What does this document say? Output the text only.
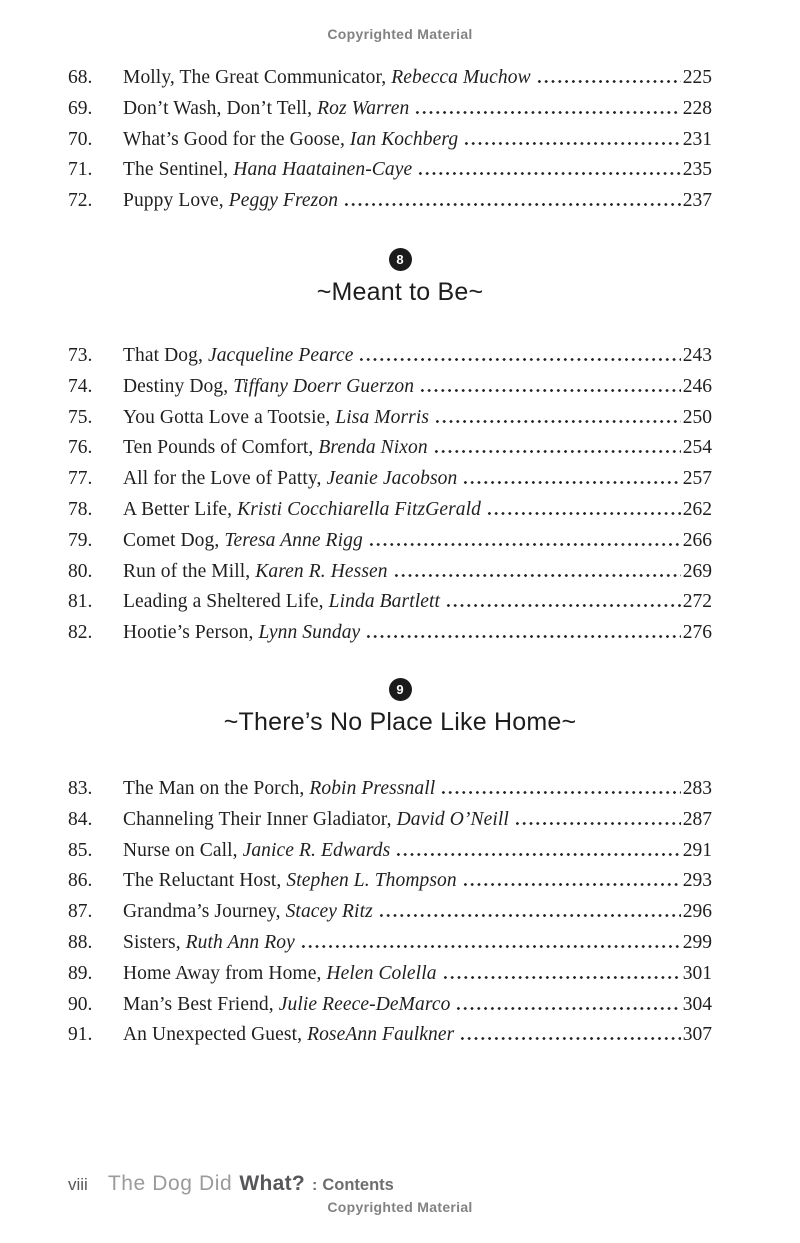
Copyrighted Material
68.	Molly, The Great Communicator, Rebecca Muchow	225
69.	Don’t Wash, Don’t Tell, Roz Warren	228
70.	What’s Good for the Goose, Ian Kochberg	231
71.	The Sentinel, Hana Haatainen-Caye	235
72.	Puppy Love, Peggy Frezon	237
8
~Meant to Be~
73.	That Dog, Jacqueline Pearce	243
74.	Destiny Dog, Tiffany Doerr Guerzon	246
75.	You Gotta Love a Tootsie, Lisa Morris	250
76.	Ten Pounds of Comfort, Brenda Nixon	254
77.	All for the Love of Patty, Jeanie Jacobson	257
78.	A Better Life, Kristi Cocchiarella FitzGerald	262
79.	Comet Dog, Teresa Anne Rigg	266
80.	Run of the Mill, Karen R. Hessen	269
81.	Leading a Sheltered Life, Linda Bartlett	272
82.	Hootie’s Person, Lynn Sunday	276
9
~There’s No Place Like Home~
83.	The Man on the Porch, Robin Pressnall	283
84.	Channeling Their Inner Gladiator, David O’Neill	287
85.	Nurse on Call, Janice R. Edwards	291
86.	The Reluctant Host, Stephen L. Thompson	293
87.	Grandma’s Journey, Stacey Ritz	296
88.	Sisters, Ruth Ann Roy	299
89.	Home Away from Home, Helen Colella	301
90.	Man’s Best Friend, Julie Reece-DeMarco	304
91.	An Unexpected Guest, RoseAnn Faulkner	307
viii The Dog Did What? : Contents
Copyrighted Material
